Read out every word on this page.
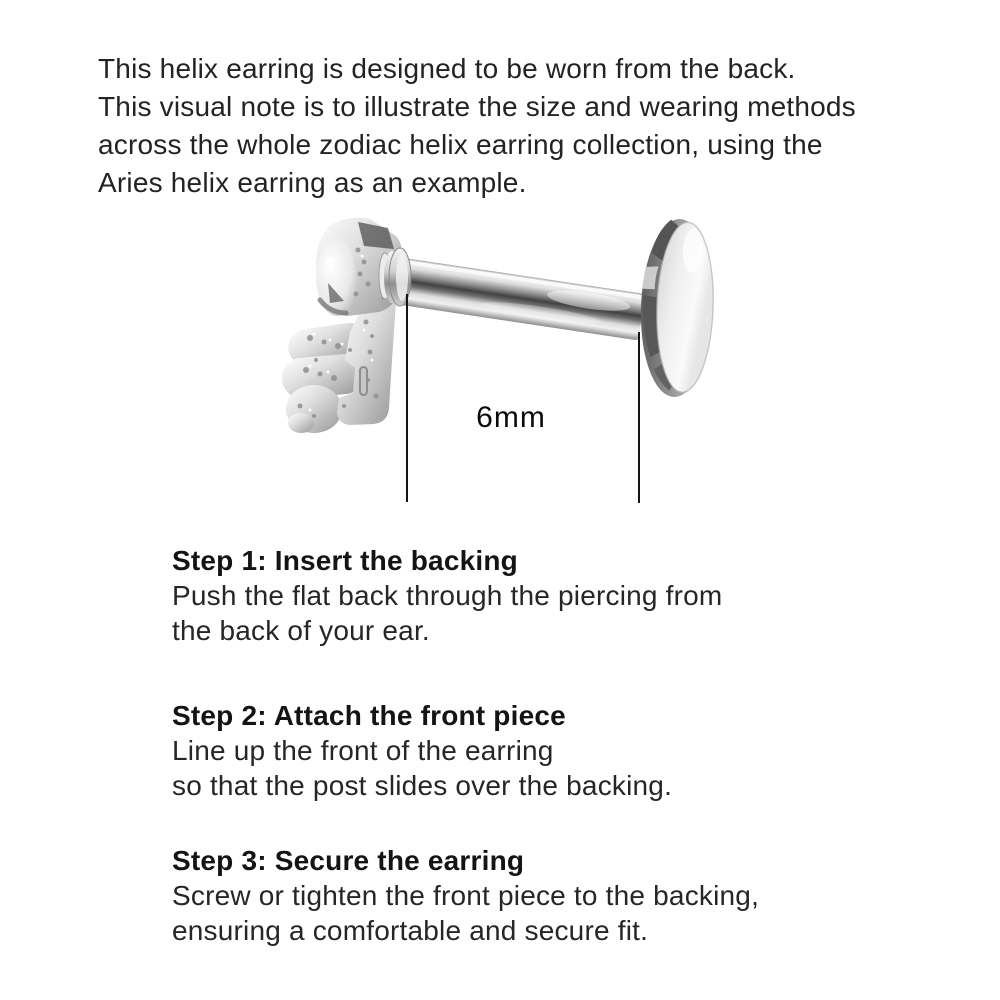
This helix earring is designed to be worn from the back.
This visual note is to illustrate the size and wearing methods
across the whole zodiac helix earring collection, using the
Aries helix earring as an example.

6mm
Step 1: Insert the backing
Push the flat back through the piercing from
the back of your ear.
Step 2: Attach the front piece
Line up the front of the earring
so that the post slides over the backing.
Step 3: Secure the earring
Screw or tighten the front piece to the backing,
ensuring a comfortable and secure fit.
